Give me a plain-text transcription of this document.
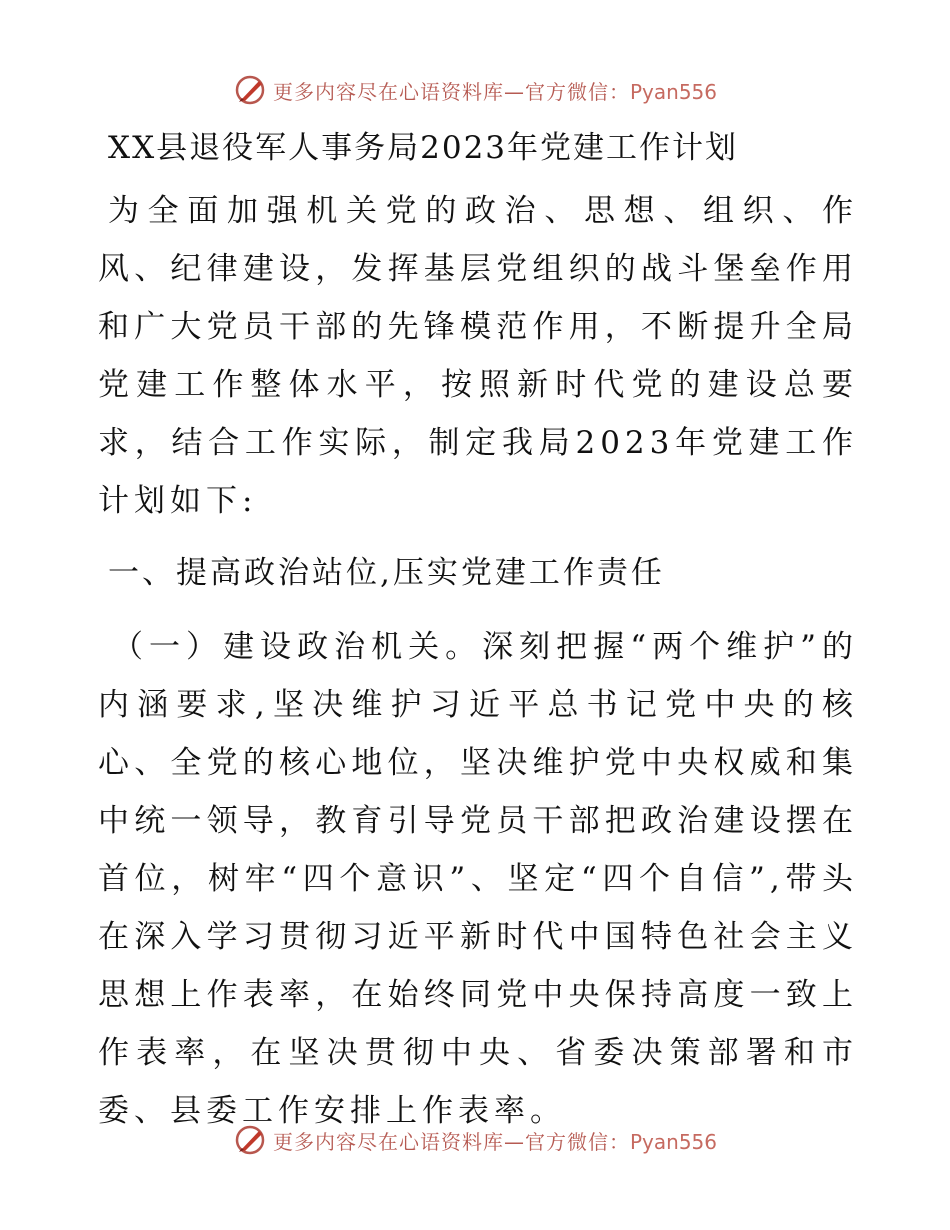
更多内容尽在心语资料库—官方微信：Pyan556
XX县退役军人事务局2023年党建工作计划

为全面加强机关党的政治、思想、组织、作风、纪律建设，发挥基层党组织的战斗堡垒作用和广大党员干部的先锋模范作用，不断提升全局党建工作整体水平，按照新时代党的建设总要求，结合工作实际，制定我局2023年党建工作计划如下:

一、提高政治站位,压实党建工作责任

（一）建设政治机关。深刻把握“两个维护”的内涵要求,坚决维护习近平总书记党中央的核心、全党的核心地位，坚决维护党中央权威和集中统一领导，教育引导党员干部把政治建设摆在首位，树牢“四个意识”、坚定“四个自信”,带头在深入学习贯彻习近平新时代中国特色社会主义思想上作表率，在始终同党中央保持高度一致上作表率，在坚决贯彻中央、省委决策部署和市委、县委工作安排上作表率。

更多内容尽在心语资料库—官方微信：Pyan556
